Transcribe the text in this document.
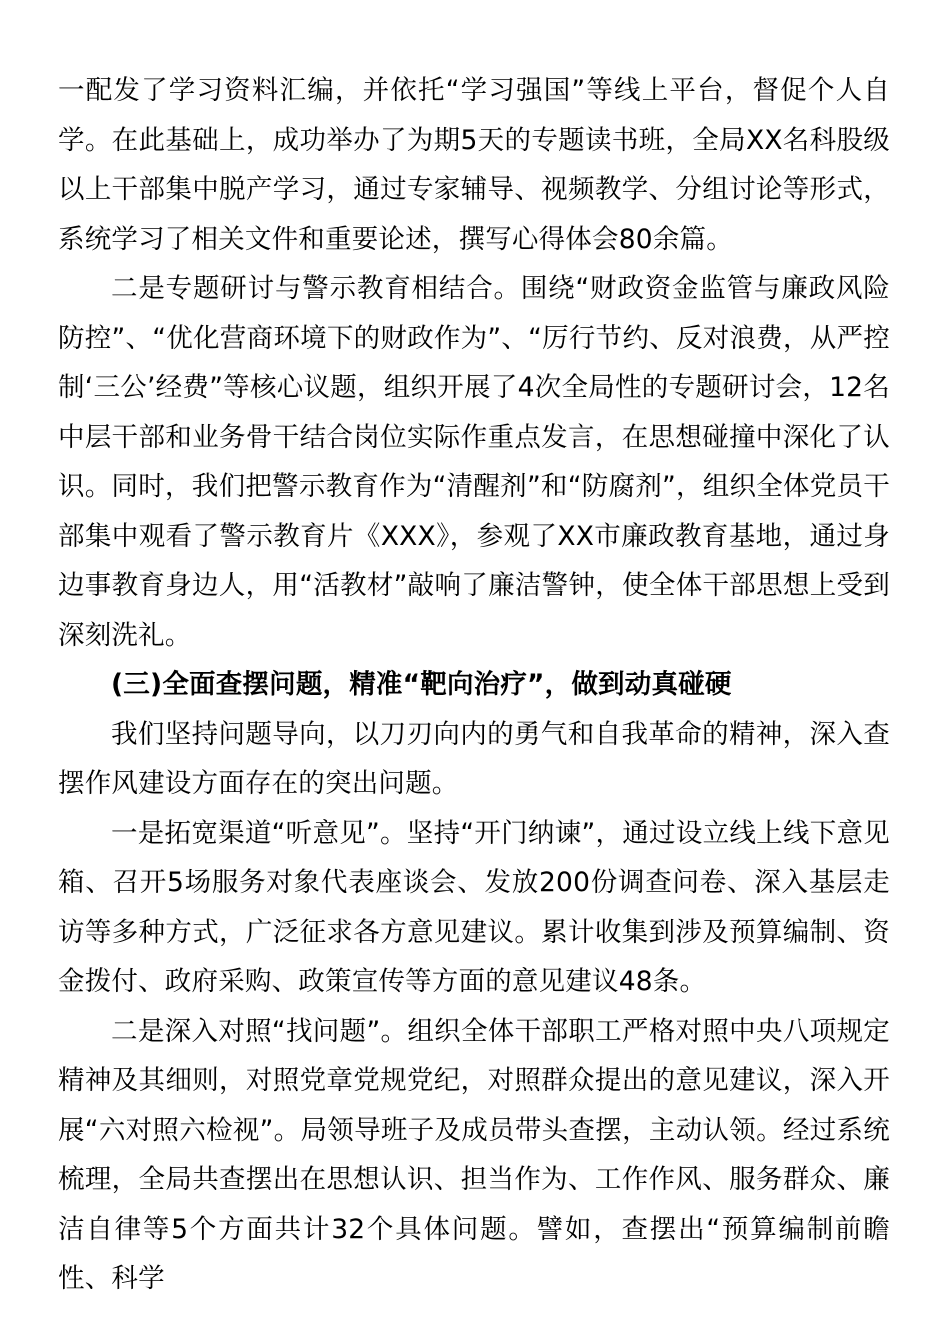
一配发了学习资料汇编，并依托“学习强国”等线上平台，督促个人自学。在此基础上，成功举办了为期5天的专题读书班，全局XX名科股级以上干部集中脱产学习，通过专家辅导、视频教学、分组讨论等形式，系统学习了相关文件和重要论述，撰写心得体会80余篇。

二是专题研讨与警示教育相结合。围绕“财政资金监管与廉政风险防控”、“优化营商环境下的财政作为”、“厉行节约、反对浪费，从严控制‘三公’经费”等核心议题，组织开展了4次全局性的专题研讨会，12名中层干部和业务骨干结合岗位实际作重点发言，在思想碰撞中深化了认识。同时，我们把警示教育作为“清醒剂”和“防腐剂”，组织全体党员干部集中观看了警示教育片《XXX》，参观了XX市廉政教育基地，通过身边事教育身边人，用“活教材”敲响了廉洁警钟，使全体干部思想上受到深刻洗礼。

(三)全面查摆问题，精准“靶向治疗”，做到动真碰硬

我们坚持问题导向，以刀刃向内的勇气和自我革命的精神，深入查摆作风建设方面存在的突出问题。

一是拓宽渠道“听意见”。坚持“开门纳谏”，通过设立线上线下意见箱、召开5场服务对象代表座谈会、发放200份调查问卷、深入基层走访等多种方式，广泛征求各方意见建议。累计收集到涉及预算编制、资金拨付、政府采购、政策宣传等方面的意见建议48条。

二是深入对照“找问题”。组织全体干部职工严格对照中央八项规定精神及其细则，对照党章党规党纪，对照群众提出的意见建议，深入开展“六对照六检视”。局领导班子及成员带头查摆，主动认领。经过系统梳理，全局共查摆出在思想认识、担当作为、工作作风、服务群众、廉洁自律等5个方面共计32个具体问题。譬如，查摆出“预算编制前瞻性、科学
